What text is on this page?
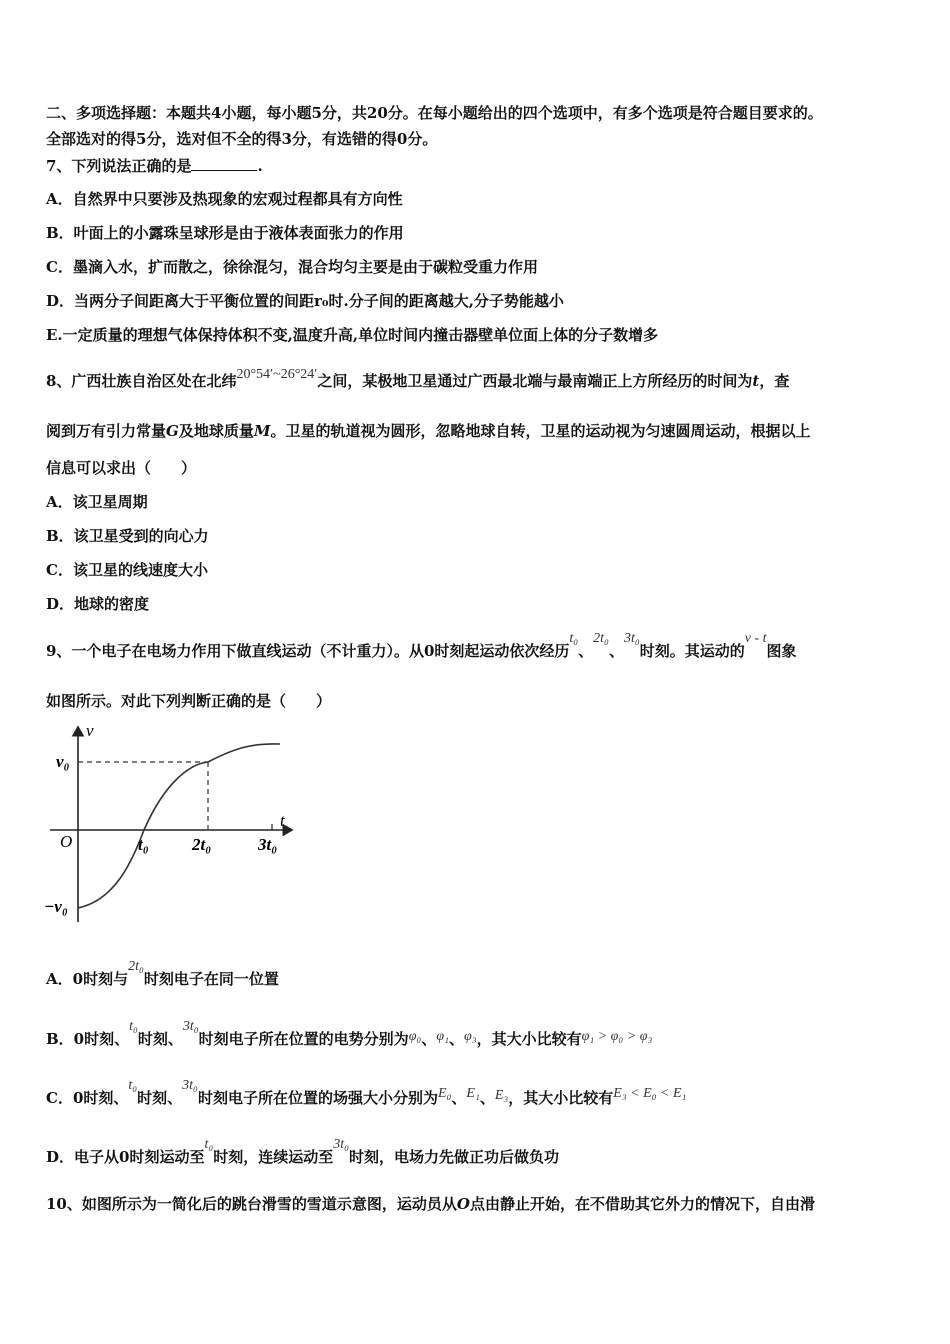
二、多项选择题：本题共4小题，每小题5分，共20分。在每小题给出的四个选项中，有多个选项是符合题目要求的。
全部选对的得5分，选对但不全的得3分，有选错的得0分。
7、下列说法正确的是	.
A．自然界中只要涉及热现象的宏观过程都具有方向性
B．叶面上的小露珠呈球形是由于液体表面张力的作用
C．墨滴入水，扩而散之，徐徐混匀，混合均匀主要是由于碳粒受重力作用
D．当两分子间距离大于平衡位置的间距r₀时.分子间的距离越大,分子势能越小
E.一定质量的理想气体保持体积不变,温度升高,单位时间内撞击器壁单位面上体的分子数增多
8、广西壮族自治区处在北纬20°54′~26°24′之间，某极地卫星通过广西最北端与最南端正上方所经历的时间为t，查
阅到万有引力常量G及地球质量M。卫星的轨道视为圆形，忽略地球自转，卫星的运动视为匀速圆周运动，根据以上
信息可以求出（　　）
A．该卫星周期
B．该卫星受到的向心力
C．该卫星的线速度大小
D．地球的密度
9、一个电子在电场力作用下做直线运动（不计重力）。从0时刻起运动依次经历t₀、2t₀、3t₀时刻。其运动的v - t图象
如图所示。对此下列判断正确的是（　　）
v
t
O
v₀
−v₀
t₀	2t₀	3t₀
A．0时刻与2t₀时刻电子在同一位置
B．0时刻、t₀时刻、3t₀时刻电子所在位置的电势分别为φ₀、φ₁、φ₃，其大小比较有φ₁ > φ₀ > φ₃
C．0时刻、t₀时刻、3t₀时刻电子所在位置的场强大小分别为E₀、E₁、E₃，其大小比较有E₃ < E₀ < E₁
D．电子从0时刻运动至t₀时刻，连续运动至3t₀时刻，电场力先做正功后做负功
10、如图所示为一简化后的跳台滑雪的雪道示意图，运动员从O点由静止开始，在不借助其它外力的情况下，自由滑
